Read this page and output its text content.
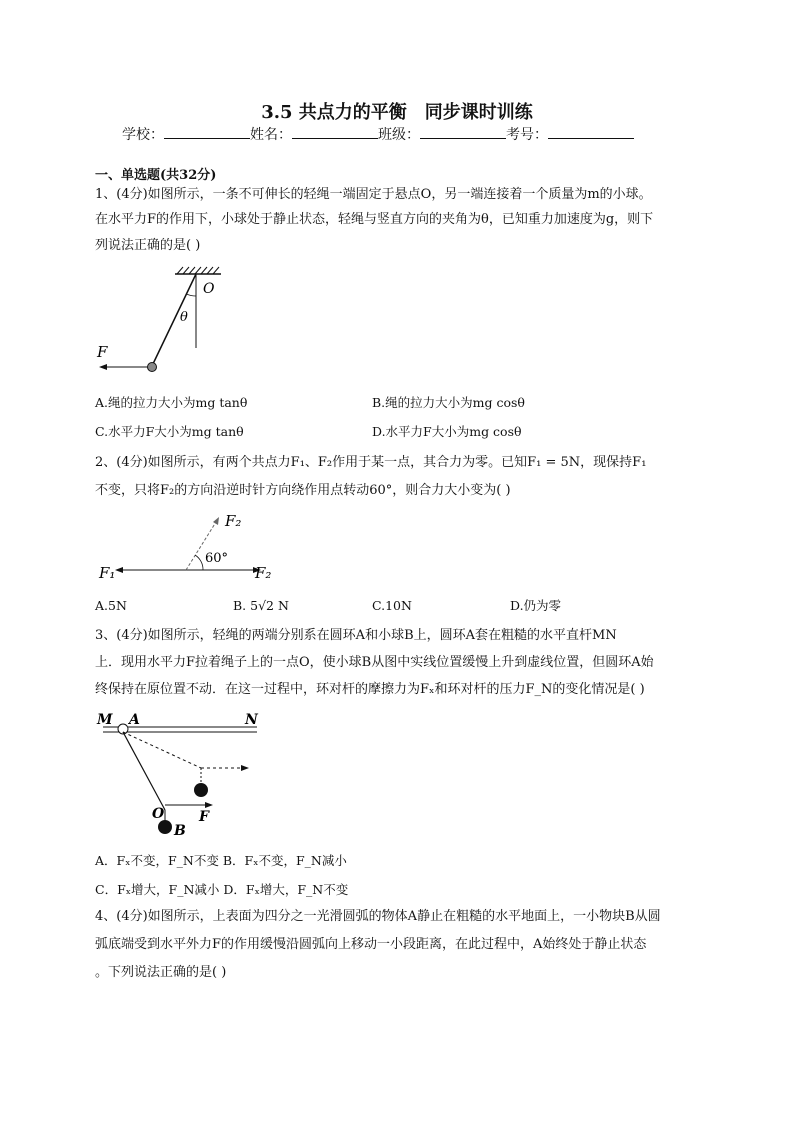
3.5 共点力的平衡　同步课时训练
学校：	姓名：	班级：	考号：
一、单选题(共32分)
1、(4分)如图所示，一条不可伸长的轻绳一端固定于悬点O，另一端连接着一个质量为m的小球。
在水平力F的作用下，小球处于静止状态，轻绳与竖直方向的夹角为θ，已知重力加速度为g，则下
列说法正确的是( )
O
θ
F
A.绳的拉力大小为mg tanθ	B.绳的拉力大小为mg cosθ
C.水平力F大小为mg tanθ	D.水平力F大小为mg cosθ
2、(4分)如图所示，有两个共点力F₁、F₂作用于某一点，其合力为零。已知F₁ = 5N，现保持F₁
不变，只将F₂的方向沿逆时针方向绕作用点转动60°，则合力大小变为( )
F₁	F₂
F₂
60°
A.5N	B. 5√2 N	C.10N	D.仍为零
3、(4分)如图所示，轻绳的两端分别系在圆环A和小球B上，圆环A套在粗糙的水平直杆MN
上．现用水平力F拉着绳子上的一点O，使小球B从图中实线位置缓慢上升到虚线位置，但圆环A始
终保持在原位置不动．在这一过程中，环对杆的摩擦力为Fₓ和环对杆的压力F_N的变化情况是( )
M A	N
O
B
F
A．Fₓ不变，F_N不变 B．Fₓ不变，F_N减小
C．Fₓ增大，F_N减小 D．Fₓ增大，F_N不变
4、(4分)如图所示，上表面为四分之一光滑圆弧的物体A静止在粗糙的水平地面上，一小物块B从圆
弧底端受到水平外力F的作用缓慢沿圆弧向上移动一小段距离，在此过程中，A始终处于静止状态
。下列说法正确的是( )
